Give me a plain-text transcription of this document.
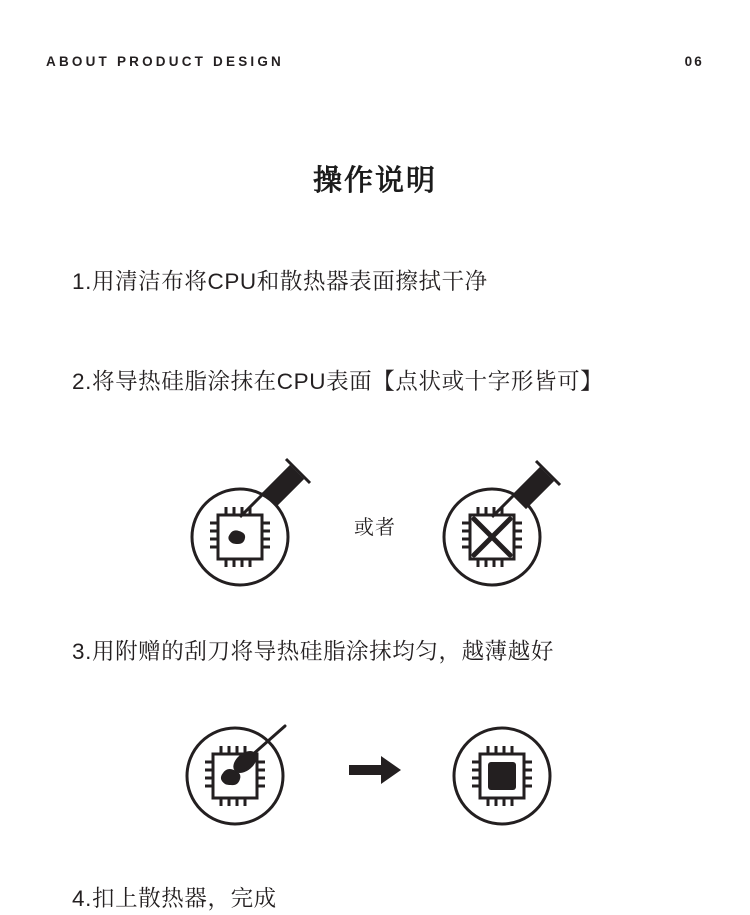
ABOUT PRODUCT DESIGN	06
操作说明
1.用清洁布将CPU和散热器表面擦拭干净
2.将导热硅脂涂抹在CPU表面【点状或十字形皆可】
或者
3.用附赠的刮刀将导热硅脂涂抹均匀，越薄越好
4.扣上散热器，完成
